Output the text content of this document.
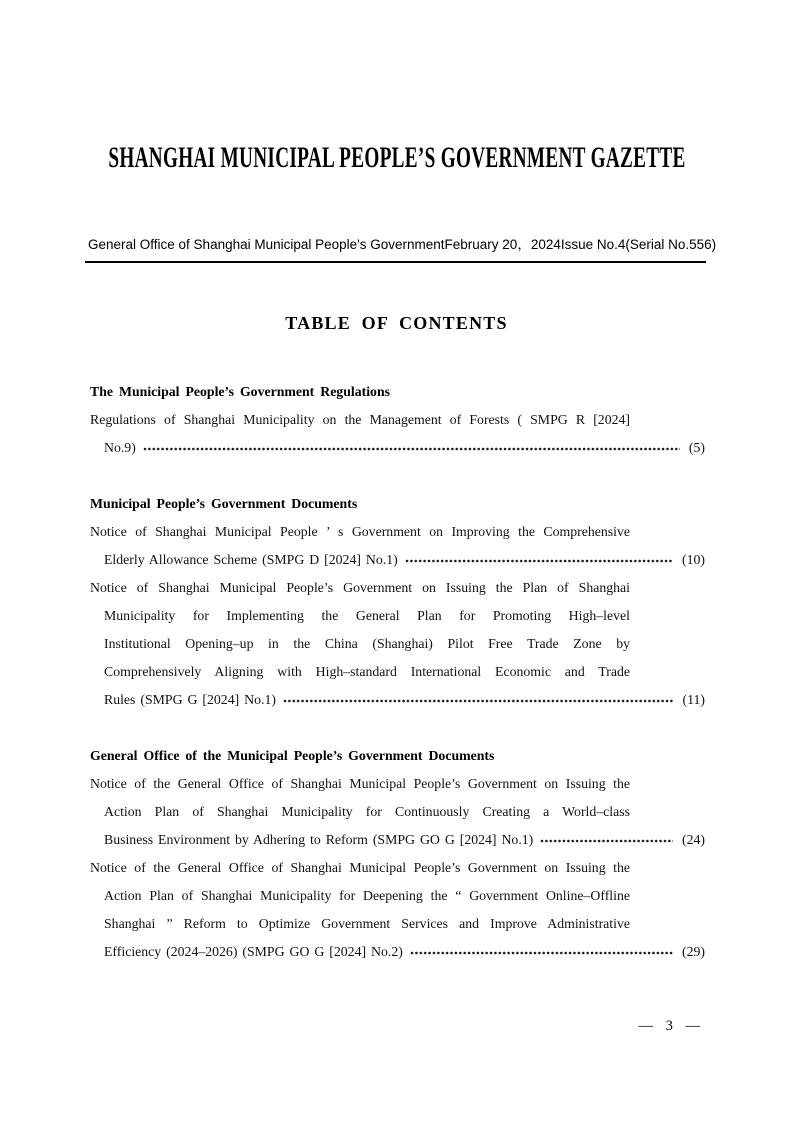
SHANGHAI MUNICIPAL PEOPLE’S GOVERNMENT GAZETTE
General Office of Shanghai Municipal People's Government February 20，2024 Issue No.4(Serial No.556)
TABLE OF CONTENTS
The Municipal People’s Government Regulations
Regulations of Shanghai Municipality on the Management of Forests ( SMPG R [2024]
No.9)	(5)
Municipal People’s Government Documents
Notice of Shanghai Municipal People ’ s Government on Improving the Comprehensive
Elderly Allowance Scheme (SMPG D [2024] No.1)	(10)
Notice of Shanghai Municipal People’s Government on Issuing the Plan of Shanghai
Municipality for Implementing the General Plan for Promoting High–level
Institutional Opening–up in the China (Shanghai) Pilot Free Trade Zone by
Comprehensively Aligning with High–standard International Economic and Trade
Rules (SMPG G [2024] No.1)	(11)
General Office of the Municipal People’s Government Documents
Notice of the General Office of Shanghai Municipal People’s Government on Issuing the
Action Plan of Shanghai Municipality for Continuously Creating a World–class
Business Environment by Adhering to Reform (SMPG GO G [2024] No.1)	(24)
Notice of the General Office of Shanghai Municipal People’s Government on Issuing the
Action Plan of Shanghai Municipality for Deepening the “ Government Online–Offline
Shanghai ” Reform to Optimize Government Services and Improve Administrative
Efficiency (2024–2026) (SMPG GO G [2024] No.2)	(29)
— 3 —
